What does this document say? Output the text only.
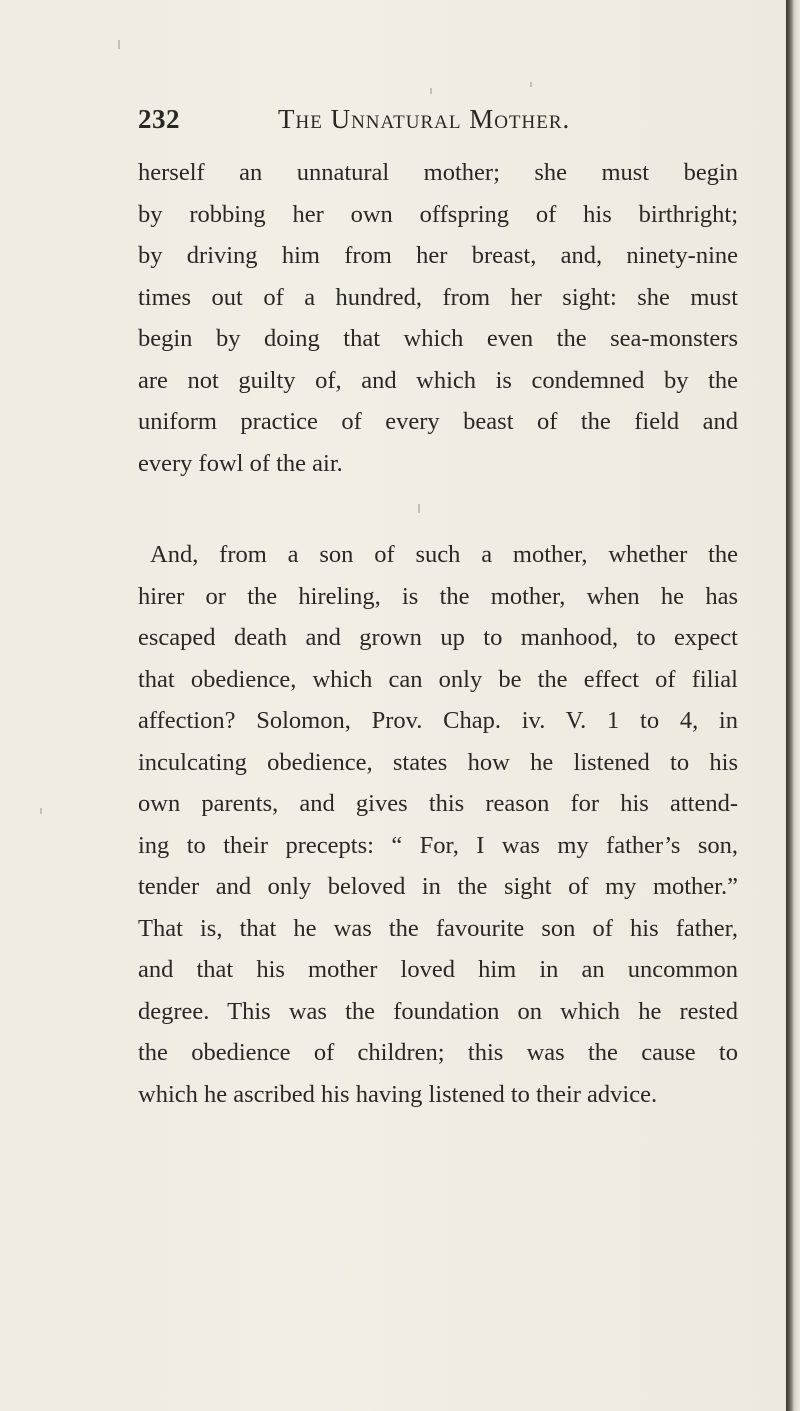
232	The Unnatural Mother.
herself an unnatural mother; she must begin
by robbing her own offspring of his birthright;
by driving him from her breast, and, ninety-nine
times out of a hundred, from her sight: she must
begin by doing that which even the sea-monsters
are not guilty of, and which is condemned by the
uniform practice of every beast of the field and
every fowl of the air.
And, from a son of such a mother, whether the
hirer or the hireling, is the mother, when he has
escaped death and grown up to manhood, to expect
that obedience, which can only be the effect of filial
affection? Solomon, Prov. Chap. iv. V. 1 to 4, in
inculcating obedience, states how he listened to his
own parents, and gives this reason for his attend-
ing to their precepts: “ For, I was my father’s son,
tender and only beloved in the sight of my mother.”
That is, that he was the favourite son of his father,
and that his mother loved him in an uncommon
degree. This was the foundation on which he rested
the obedience of children; this was the cause to
which he ascribed his having listened to their advice.
